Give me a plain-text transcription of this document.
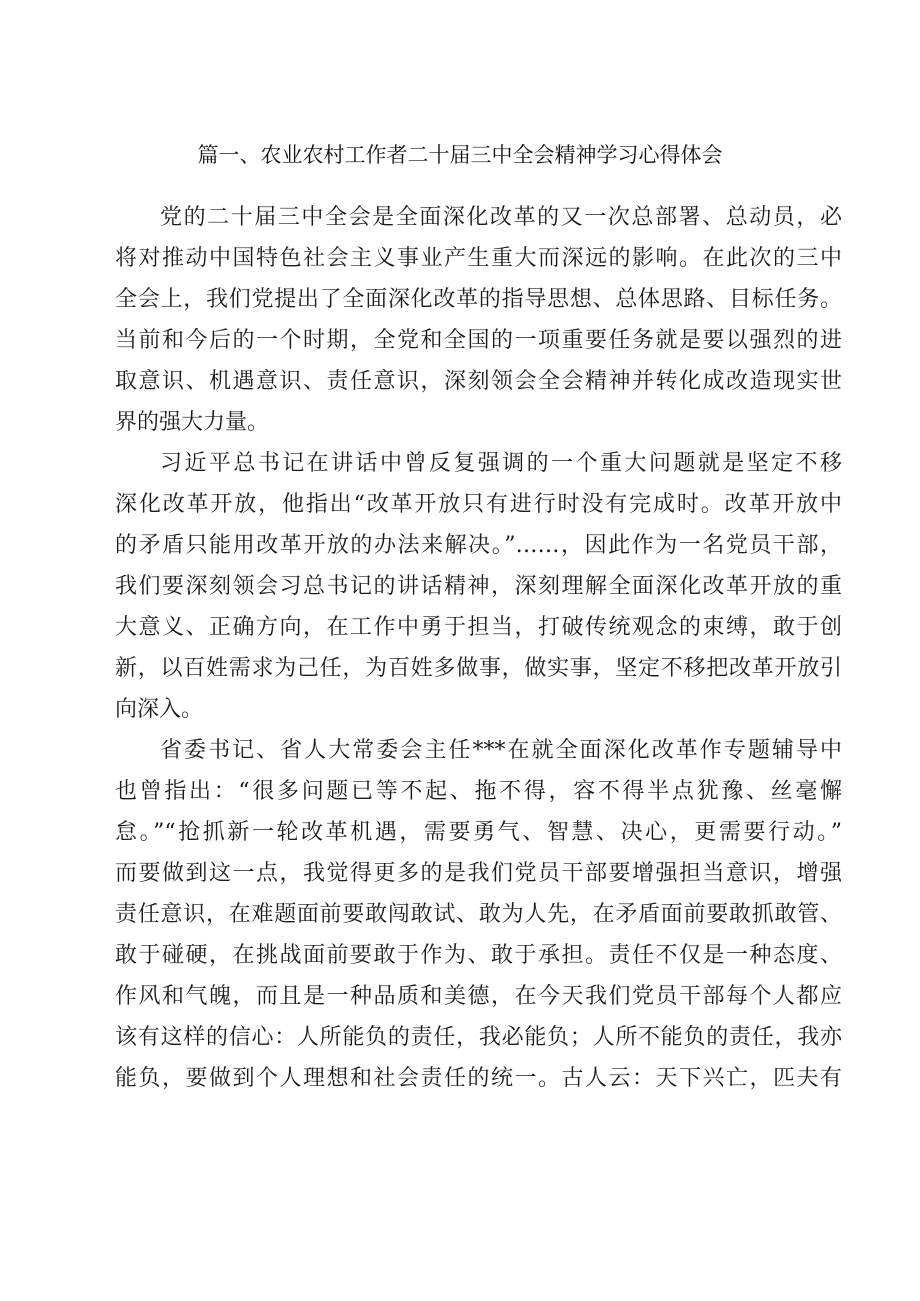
篇一、农业农村工作者二十届三中全会精神学习心得体会
党的二十届三中全会是全面深化改革的又一次总部署、总动员，必
将对推动中国特色社会主义事业产生重大而深远的影响。在此次的三中
全会上，我们党提出了全面深化改革的指导思想、总体思路、目标任务。
当前和今后的一个时期，全党和全国的一项重要任务就是要以强烈的进
取意识、机遇意识、责任意识，深刻领会全会精神并转化成改造现实世
界的强大力量。
习近平总书记在讲话中曾反复强调的一个重大问题就是坚定不移
深化改革开放，他指出“改革开放只有进行时没有完成时。改革开放中
的矛盾只能用改革开放的办法来解决。”……，因此作为一名党员干部，
我们要深刻领会习总书记的讲话精神，深刻理解全面深化改革开放的重
大意义、正确方向，在工作中勇于担当，打破传统观念的束缚，敢于创
新，以百姓需求为己任，为百姓多做事，做实事，坚定不移把改革开放引
向深入。
省委书记、省人大常委会主任***在就全面深化改革作专题辅导中
也曾指出：“很多问题已等不起、拖不得，容不得半点犹豫、丝毫懈
怠。”“抢抓新一轮改革机遇，需要勇气、智慧、决心，更需要行动。”
而要做到这一点，我觉得更多的是我们党员干部要增强担当意识，增强
责任意识，在难题面前要敢闯敢试、敢为人先，在矛盾面前要敢抓敢管、
敢于碰硬，在挑战面前要敢于作为、敢于承担。责任不仅是一种态度、
作风和气魄，而且是一种品质和美德，在今天我们党员干部每个人都应
该有这样的信心：人所能负的责任，我必能负；人所不能负的责任，我亦
能负，要做到个人理想和社会责任的统一。古人云：天下兴亡，匹夫有
